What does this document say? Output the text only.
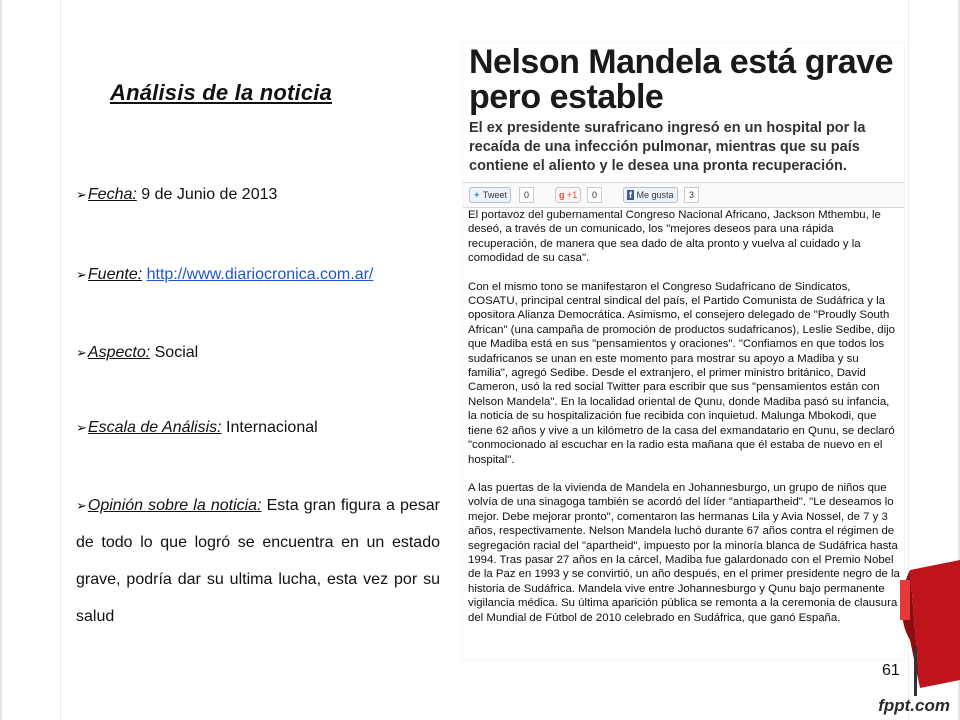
Análisis de la noticia
➢Fecha: 9 de Junio de 2013
➢Fuente: http://www.diariocronica.com.ar/
➢Aspecto: Social
➢Escala de Análisis: Internacional
➢Opinión sobre la noticia: Esta gran figura a pesar de todo lo que logró se encuentra en un estado grave, podría dar su ultima lucha, esta vez por su salud
Nelson Mandela está grave pero estable
El ex presidente surafricano ingresó en un hospital por la recaída de una infección pulmonar, mientras que su país contiene el aliento y le desea una pronta recuperación.
✦ Tweet	0	g +1	0	f Me gusta	3

El portavoz del gubernamental Congreso Nacional Africano, Jackson Mthembu, le deseó, a través de un comunicado, los "mejores deseos para una rápida recuperación, de manera que sea dado de alta pronto y vuelva al cuidado y la comodidad de su casa".

Con el mismo tono se manifestaron el Congreso Sudafricano de Sindicatos, COSATU, principal central sindical del país, el Partido Comunista de Sudáfrica y la opositora Alianza Democrática. Asimismo, el consejero delegado de "Proudly South African" (una campaña de promoción de productos sudafricanos), Leslie Sedibe, dijo que Madiba está en sus "pensamientos y oraciones". "Confiamos en que todos los sudafricanos se unan en este momento para mostrar su apoyo a Madiba y su familia", agregó Sedibe. Desde el extranjero, el primer ministro británico, David Cameron, usó la red social Twitter para escribir que sus "pensamientos están con Nelson Mandela". En la localidad oriental de Qunu, donde Madiba pasó su infancia, la noticia de su hospitalización fue recibida con inquietud. Malunga Mbokodi, que tiene 62 años y vive a un kilómetro de la casa del exmandatario en Qunu, se declaró "conmocionado al escuchar en la radio esta mañana que él estaba de nuevo en el hospital".

A las puertas de la vivienda de Mandela en Johannesburgo, un grupo de niños que volvía de una sinagoga también se acordó del líder "antiapartheid". "Le deseamos lo mejor. Debe mejorar pronto", comentaron las hermanas Lila y Avia Nossel, de 7 y 3 años, respectivamente. Nelson Mandela luchó durante 67 años contra el régimen de segregación racial del "apartheid", impuesto por la minoría blanca de Sudáfrica hasta 1994. Tras pasar 27 años en la cárcel, Madiba fue galardonado con el Premio Nobel de la Paz en 1993 y se convirtió, un año después, en el primer presidente negro de la historia de Sudáfrica. Mandela vive entre Johannesburgo y Qunu bajo permanente vigilancia médica. Su última aparición pública se remonta a la ceremonia de clausura del Mundial de Fútbol de 2010 celebrado en Sudáfrica, que ganó España.

61
fppt.com
